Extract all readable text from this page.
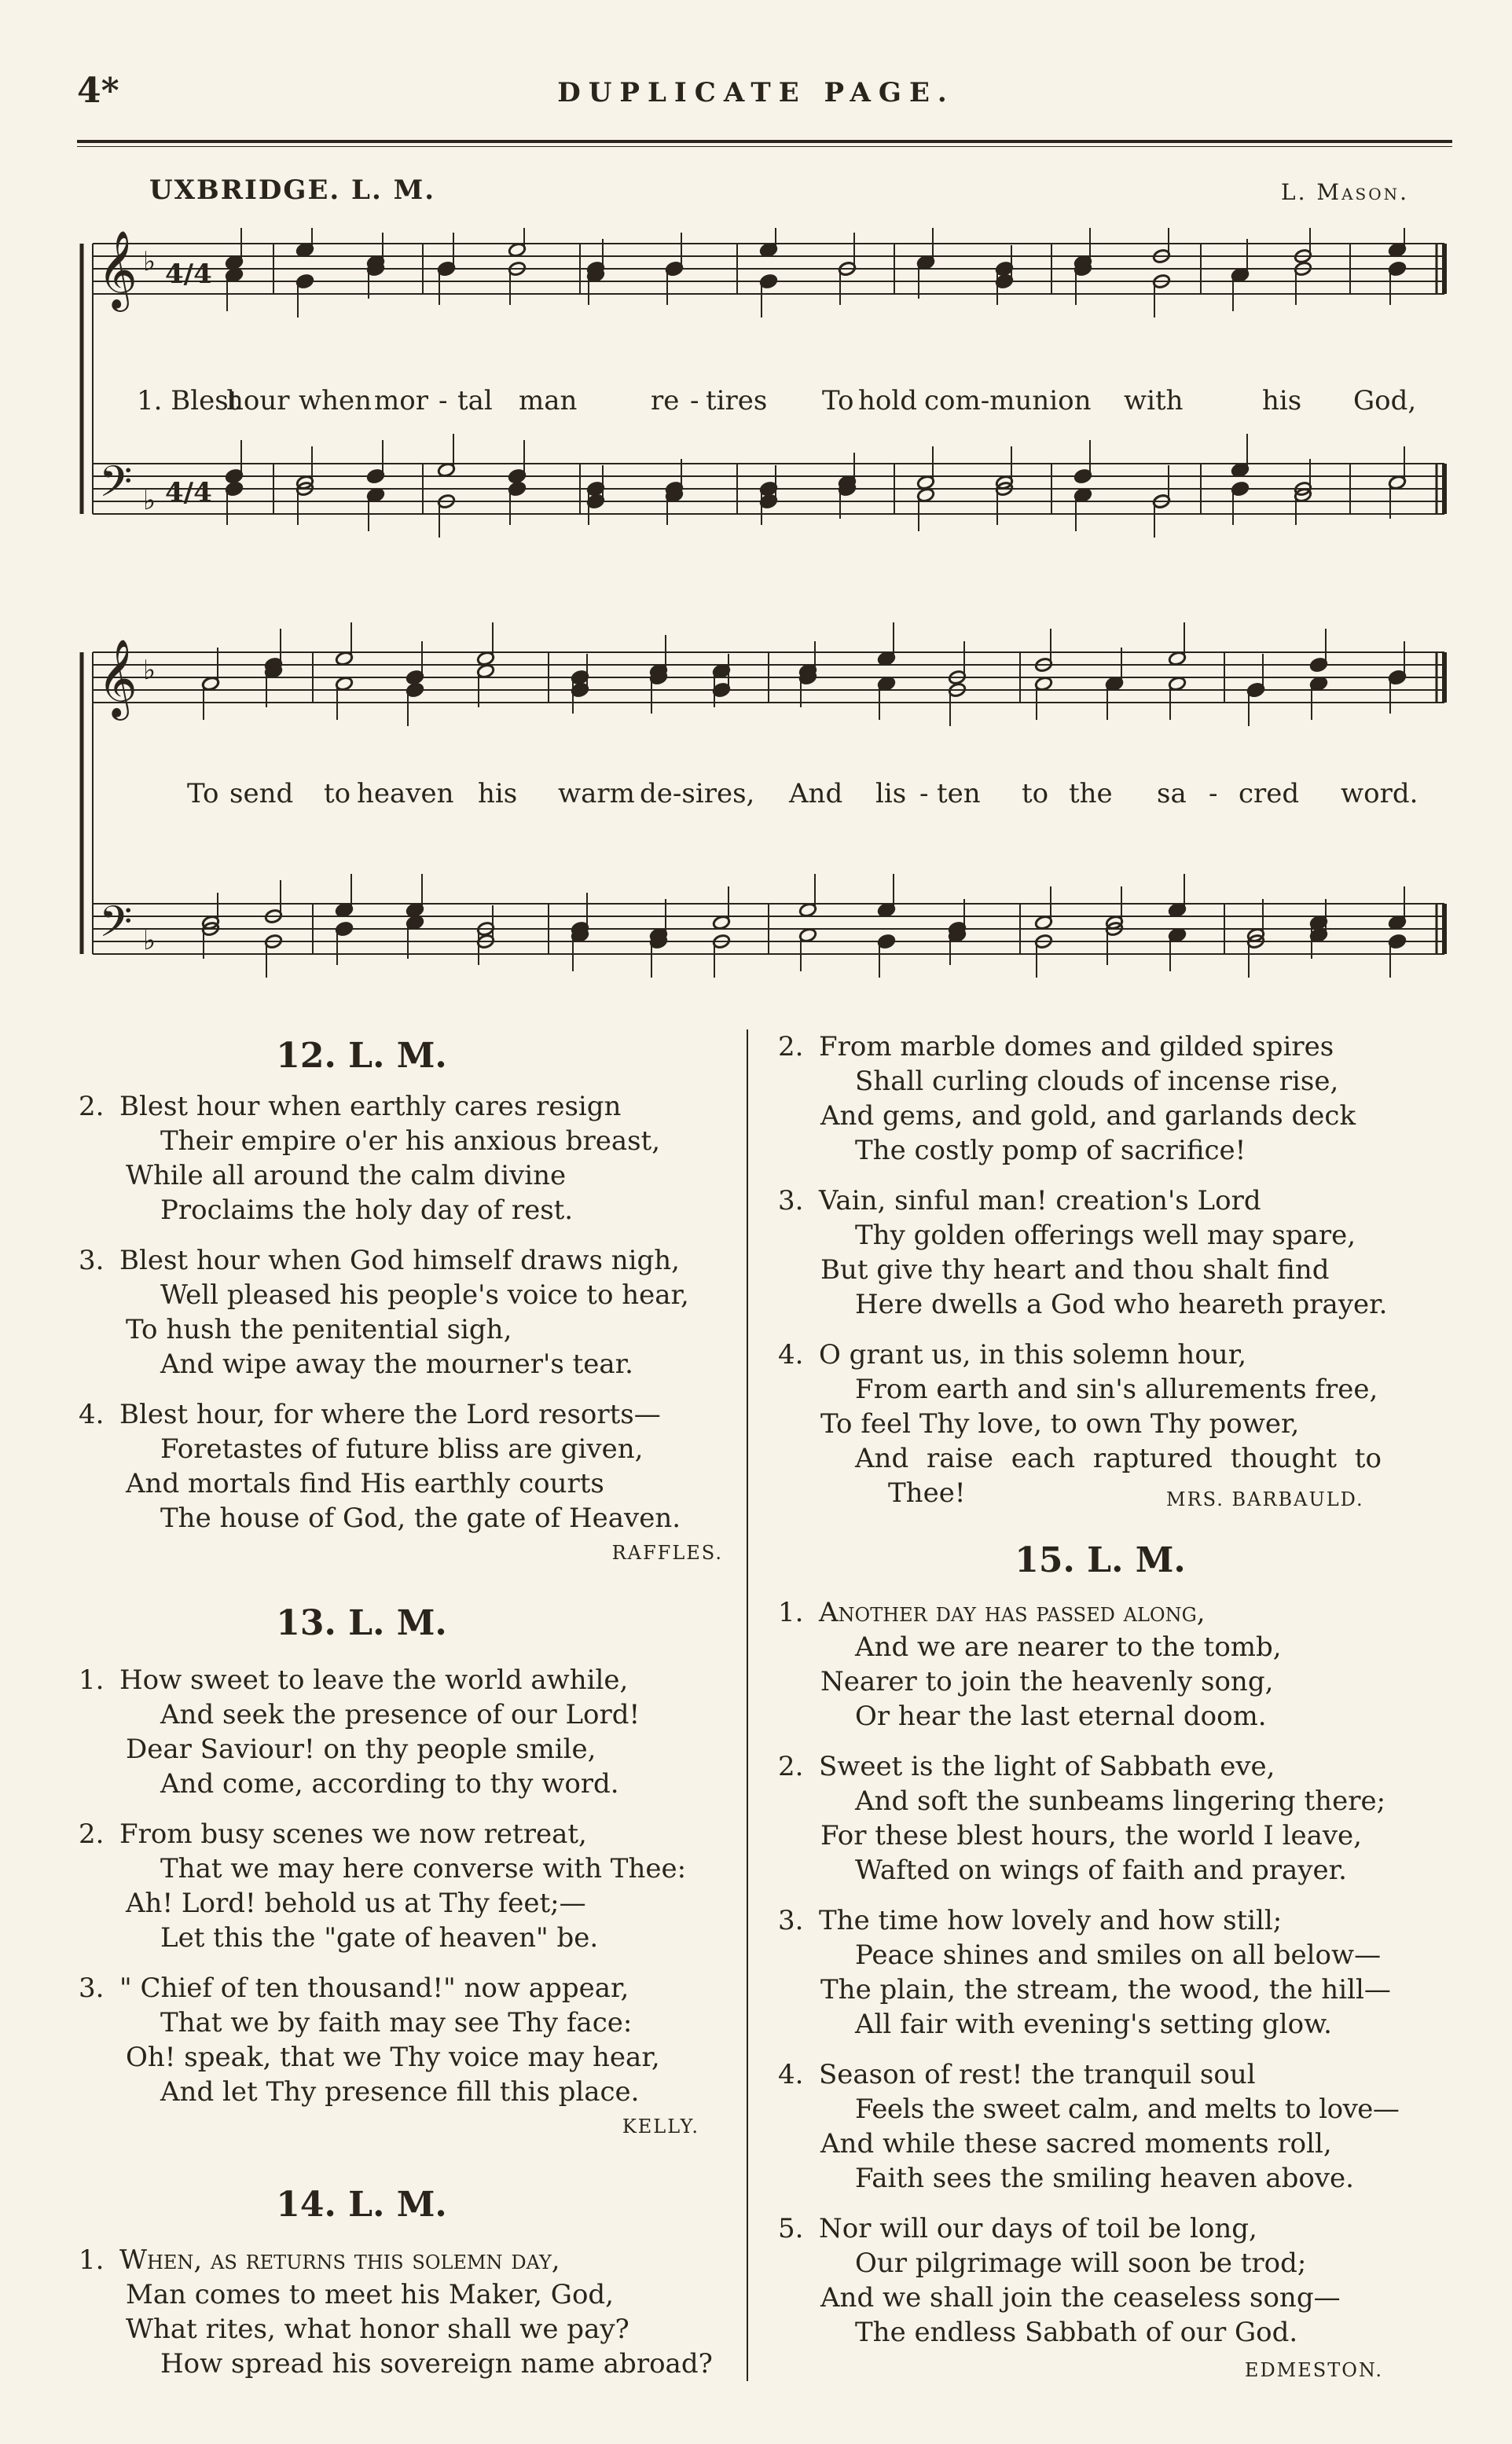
4*	DUPLICATE PAGE.
UXBRIDGE. L. M.	L. Mason.
4/4
4/4
𝄞
𝄢
♭
♭
1. Blest
hour when mor - tal man	re - tires To hold com-munion with	his God,
𝄞
𝄢
♭
♭
To send to heaven his warm de-sires, And lis - ten to the sa - cred word.
12. L. M.
2. Blest hour when earthly cares resign
Their empire o'er his anxious breast,
While all around the calm divine
Proclaims the holy day of rest.
3. Blest hour when God himself draws nigh,
Well pleased his people's voice to hear,
To hush the penitential sigh,
And wipe away the mourner's tear.
4. Blest hour, for where the Lord resorts—
Foretastes of future bliss are given,
And mortals find His earthly courts
The house of God, the gate of Heaven.
RAFFLES.
13. L. M.
1. How sweet to leave the world awhile,
And seek the presence of our Lord!
Dear Saviour! on thy people smile,
And come, according to thy word.
2. From busy scenes we now retreat,
That we may here converse with Thee:
Ah! Lord! behold us at Thy feet;—
Let this the "gate of heaven" be.
3. " Chief of ten thousand!" now appear,
That we by faith may see Thy face:
Oh! speak, that we Thy voice may hear,
And let Thy presence fill this place.
KELLY.
14. L. M.
1. When, as returns this solemn day,
Man comes to meet his Maker, God,
What rites, what honor shall we pay?
How spread his sovereign name abroad?
2. From marble domes and gilded spires
Shall curling clouds of incense rise,
And gems, and gold, and garlands deck
The costly pomp of sacrifice!
3. Vain, sinful man! creation's Lord
Thy golden offerings well may spare,
But give thy heart and thou shalt find
Here dwells a God who heareth prayer.
4. O grant us, in this solemn hour,
From earth and sin's allurements free,
To feel Thy love, to own Thy power,
And raise each raptured thought to
Thee!	MRS. BARBAULD.
15. L. M.
1. Another day has passed along,
And we are nearer to the tomb,
Nearer to join the heavenly song,
Or hear the last eternal doom.
2. Sweet is the light of Sabbath eve,
And soft the sunbeams lingering there;
For these blest hours, the world I leave,
Wafted on wings of faith and prayer.
3. The time how lovely and how still;
Peace shines and smiles on all below—
The plain, the stream, the wood, the hill—
All fair with evening's setting glow.
4. Season of rest! the tranquil soul
Feels the sweet calm, and melts to love—
And while these sacred moments roll,
Faith sees the smiling heaven above.
5. Nor will our days of toil be long,
Our pilgrimage will soon be trod;
And we shall join the ceaseless song—
The endless Sabbath of our God.
EDMESTON.
